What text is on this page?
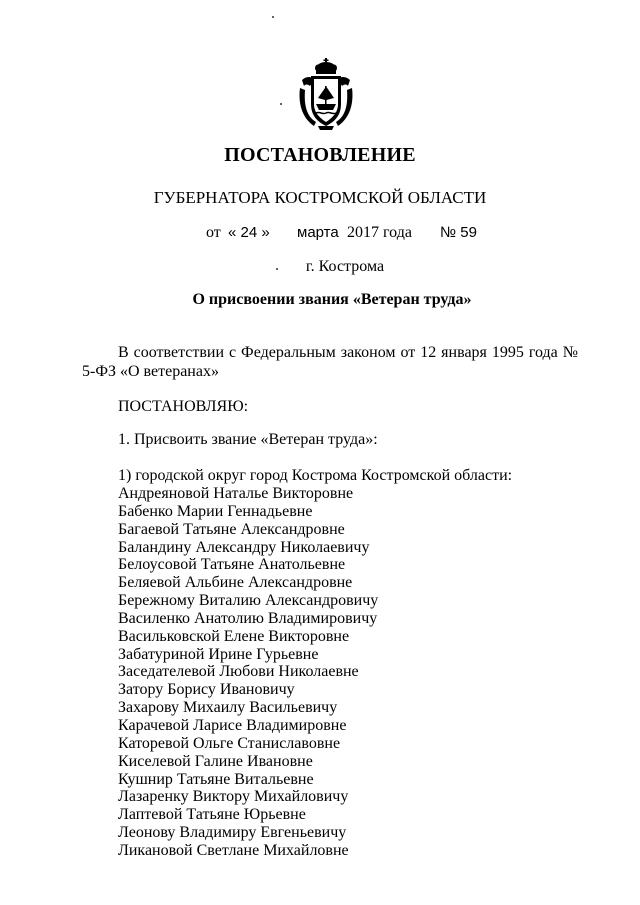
ПОСТАНОВЛЕНИЕ
ГУБЕРНАТОРА КОСТРОМСКОЙ ОБЛАСТИ
от « 24 » марта 2017 года № 59
г. Кострома
О присвоении звания «Ветеран труда»
В соответствии с Федеральным законом от 12 января 1995 года № 5-ФЗ «О ветеранах»
ПОСТАНОВЛЯЮ:
1. Присвоить звание «Ветеран труда»:
1) городской округ город Кострома Костромской области:
Андреяновой Наталье Викторовне
Бабенко Марии Геннадьевне
Багаевой Татьяне Александровне
Баландину Александру Николаевичу
Белоусовой Татьяне Анатольевне
Беляевой Альбине Александровне
Бережному Виталию Александровичу
Василенко Анатолию Владимировичу
Васильковской Елене Викторовне
Забатуриной Ирине Гурьевне
Заседателевой Любови Николаевне
Затору Борису Ивановичу
Захарову Михаилу Васильевичу
Карачевой Ларисе Владимировне
Каторевой Ольге Станиславовне
Киселевой Галине Ивановне
Кушнир Татьяне Витальевне
Лазаренку Виктору Михайловичу
Лаптевой Татьяне Юрьевне
Леонову Владимиру Евгеньевичу
Ликановой Светлане Михайловне
